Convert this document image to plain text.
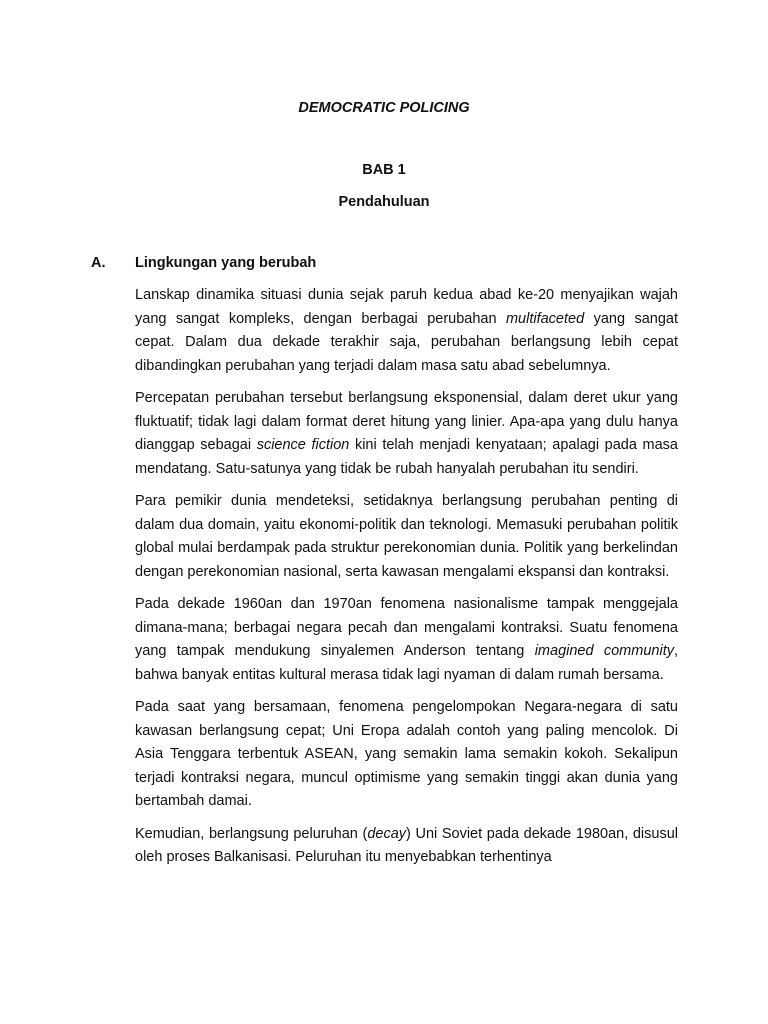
DEMOCRATIC POLICING
BAB 1
Pendahuluan
A. Lingkungan yang berubah

Lanskap dinamika situasi dunia sejak paruh kedua abad ke-20 menyajikan wajah yang sangat kompleks, dengan berbagai perubahan multifaceted yang sangat cepat. Dalam dua dekade terakhir saja, perubahan berlangsung lebih cepat dibandingkan perubahan yang terjadi dalam masa satu abad sebelumnya.

Percepatan perubahan tersebut berlangsung eksponensial, dalam deret ukur yang fluktuatif; tidak lagi dalam format deret hitung yang linier. Apa-apa yang dulu hanya dianggap sebagai science fiction kini telah menjadi kenyataan; apalagi pada masa mendatang. Satu-satunya yang tidak be rubah hanyalah perubahan itu sendiri.

Para pemikir dunia mendeteksi, setidaknya berlangsung perubahan penting di dalam dua domain, yaitu ekonomi-politik dan teknologi. Memasuki perubahan politik global mulai berdampak pada struktur perekonomian dunia. Politik yang berkelindan dengan perekonomian nasional, serta kawasan mengalami ekspansi dan kontraksi.

Pada dekade 1960an dan 1970an fenomena nasionalisme tampak menggejala dimana-mana; berbagai negara pecah dan mengalami kontraksi. Suatu fenomena yang tampak mendukung sinyalemen Anderson tentang imagined community, bahwa banyak entitas kultural merasa tidak lagi nyaman di dalam rumah bersama.

Pada saat yang bersamaan, fenomena pengelompokan Negara-negara di satu kawasan berlangsung cepat; Uni Eropa adalah contoh yang paling mencolok. Di Asia Tenggara terbentuk ASEAN, yang semakin lama semakin kokoh. Sekalipun terjadi kontraksi negara, muncul optimisme yang semakin tinggi akan dunia yang bertambah damai.

Kemudian, berlangsung peluruhan (decay) Uni Soviet pada dekade 1980an, disusul oleh proses Balkanisasi. Peluruhan itu menyebabkan terhentinya
